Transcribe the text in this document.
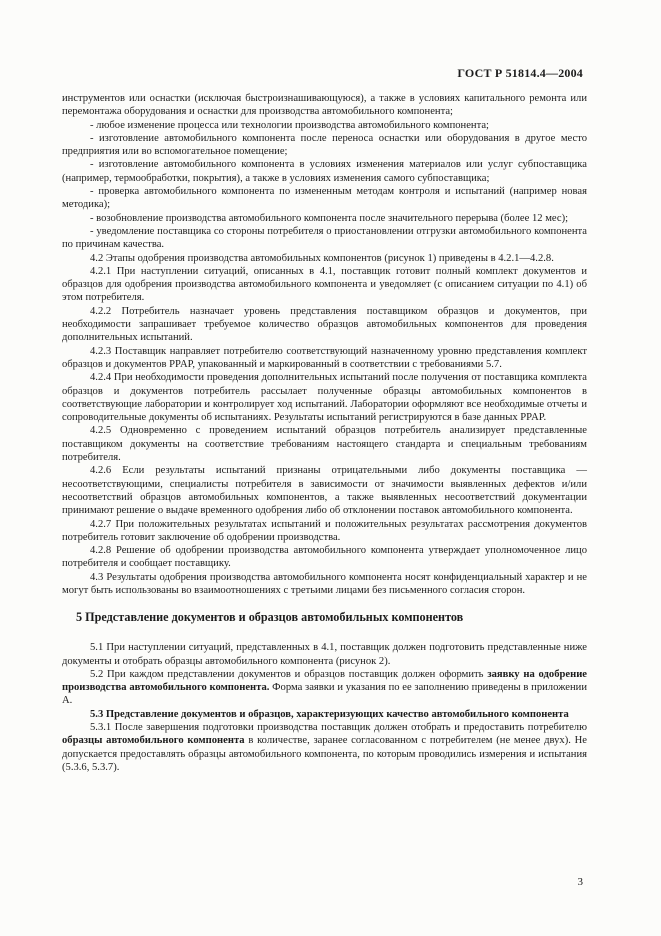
ГОСТ Р 51814.4—2004

инструментов или оснастки (исключая быстроизнашивающуюся), а также в условиях капитального ремонта или перемонтажа оборудования и оснастки для производства автомобильного компонента;

- любое изменение процесса или технологии производства автомобильного компонента;

- изготовление автомобильного компонента после переноса оснастки или оборудования в другое место предприятия или во вспомогательное помещение;

- изготовление автомобильного компонента в условиях изменения материалов или услуг субпоставщика (например, термообработки, покрытия), а также в условиях изменения самого субпоставщика;

- проверка автомобильного компонента по измененным методам контроля и испытаний (например новая методика);

- возобновление производства автомобильного компонента после значительного перерыва (более 12 мес);

- уведомление поставщика со стороны потребителя о приостановлении отгрузки автомобильного компонента по причинам качества.

4.2 Этапы одобрения производства автомобильных компонентов (рисунок 1) приведены в 4.2.1—4.2.8.

4.2.1 При наступлении ситуаций, описанных в 4.1, поставщик готовит полный комплект документов и образцов для одобрения производства автомобильного компонента и уведомляет (с описанием ситуации по 4.1) об этом потребителя.

4.2.2 Потребитель назначает уровень представления поставщиком образцов и документов, при необходимости запрашивает требуемое количество образцов автомобильных компонентов для проведения дополнительных испытаний.

4.2.3 Поставщик направляет потребителю соответствующий назначенному уровню представления комплект образцов и документов PPAP, упакованный и маркированный в соответствии с требованиями 5.7.

4.2.4 При необходимости проведения дополнительных испытаний после получения от поставщика комплекта образцов и документов потребитель рассылает полученные образцы автомобильных компонентов в соответствующие лаборатории и контролирует ход испытаний. Лаборатории оформляют все необходимые отчеты и сопроводительные документы об испытаниях. Результаты испытаний регистрируются в базе данных PPAP.

4.2.5 Одновременно с проведением испытаний образцов потребитель анализирует представленные поставщиком документы на соответствие требованиям настоящего стандарта и специальным требованиям потребителя.

4.2.6 Если результаты испытаний признаны отрицательными либо документы поставщика — несоответствующими, специалисты потребителя в зависимости от значимости выявленных дефектов и/или несоответствий образцов автомобильных компонентов, а также выявленных несоответствий документации принимают решение о выдаче временного одобрения либо об отклонении поставок автомобильного компонента.

4.2.7 При положительных результатах испытаний и положительных результатах рассмотрения документов потребитель готовит заключение об одобрении производства.

4.2.8 Решение об одобрении производства автомобильного компонента утверждает уполномоченное лицо потребителя и сообщает поставщику.

4.3 Результаты одобрения производства автомобильного компонента носят конфиденциальный характер и не могут быть использованы во взаимоотношениях с третьими лицами без письменного согласия сторон.

5 Представление документов и образцов автомобильных компонентов

5.1 При наступлении ситуаций, представленных в 4.1, поставщик должен подготовить представленные ниже документы и отобрать образцы автомобильного компонента (рисунок 2).

5.2 При каждом представлении документов и образцов поставщик должен оформить заявку на одобрение производства автомобильного компонента. Форма заявки и указания по ее заполнению приведены в приложении А.

5.3 Представление документов и образцов, характеризующих качество автомобильного компонента

5.3.1 После завершения подготовки производства поставщик должен отобрать и предоставить потребителю образцы автомобильного компонента в количестве, заранее согласованном с потребителем (не менее двух). Не допускается предоставлять образцы автомобильного компонента, по которым проводились измерения и испытания (5.3.6, 5.3.7).

3
